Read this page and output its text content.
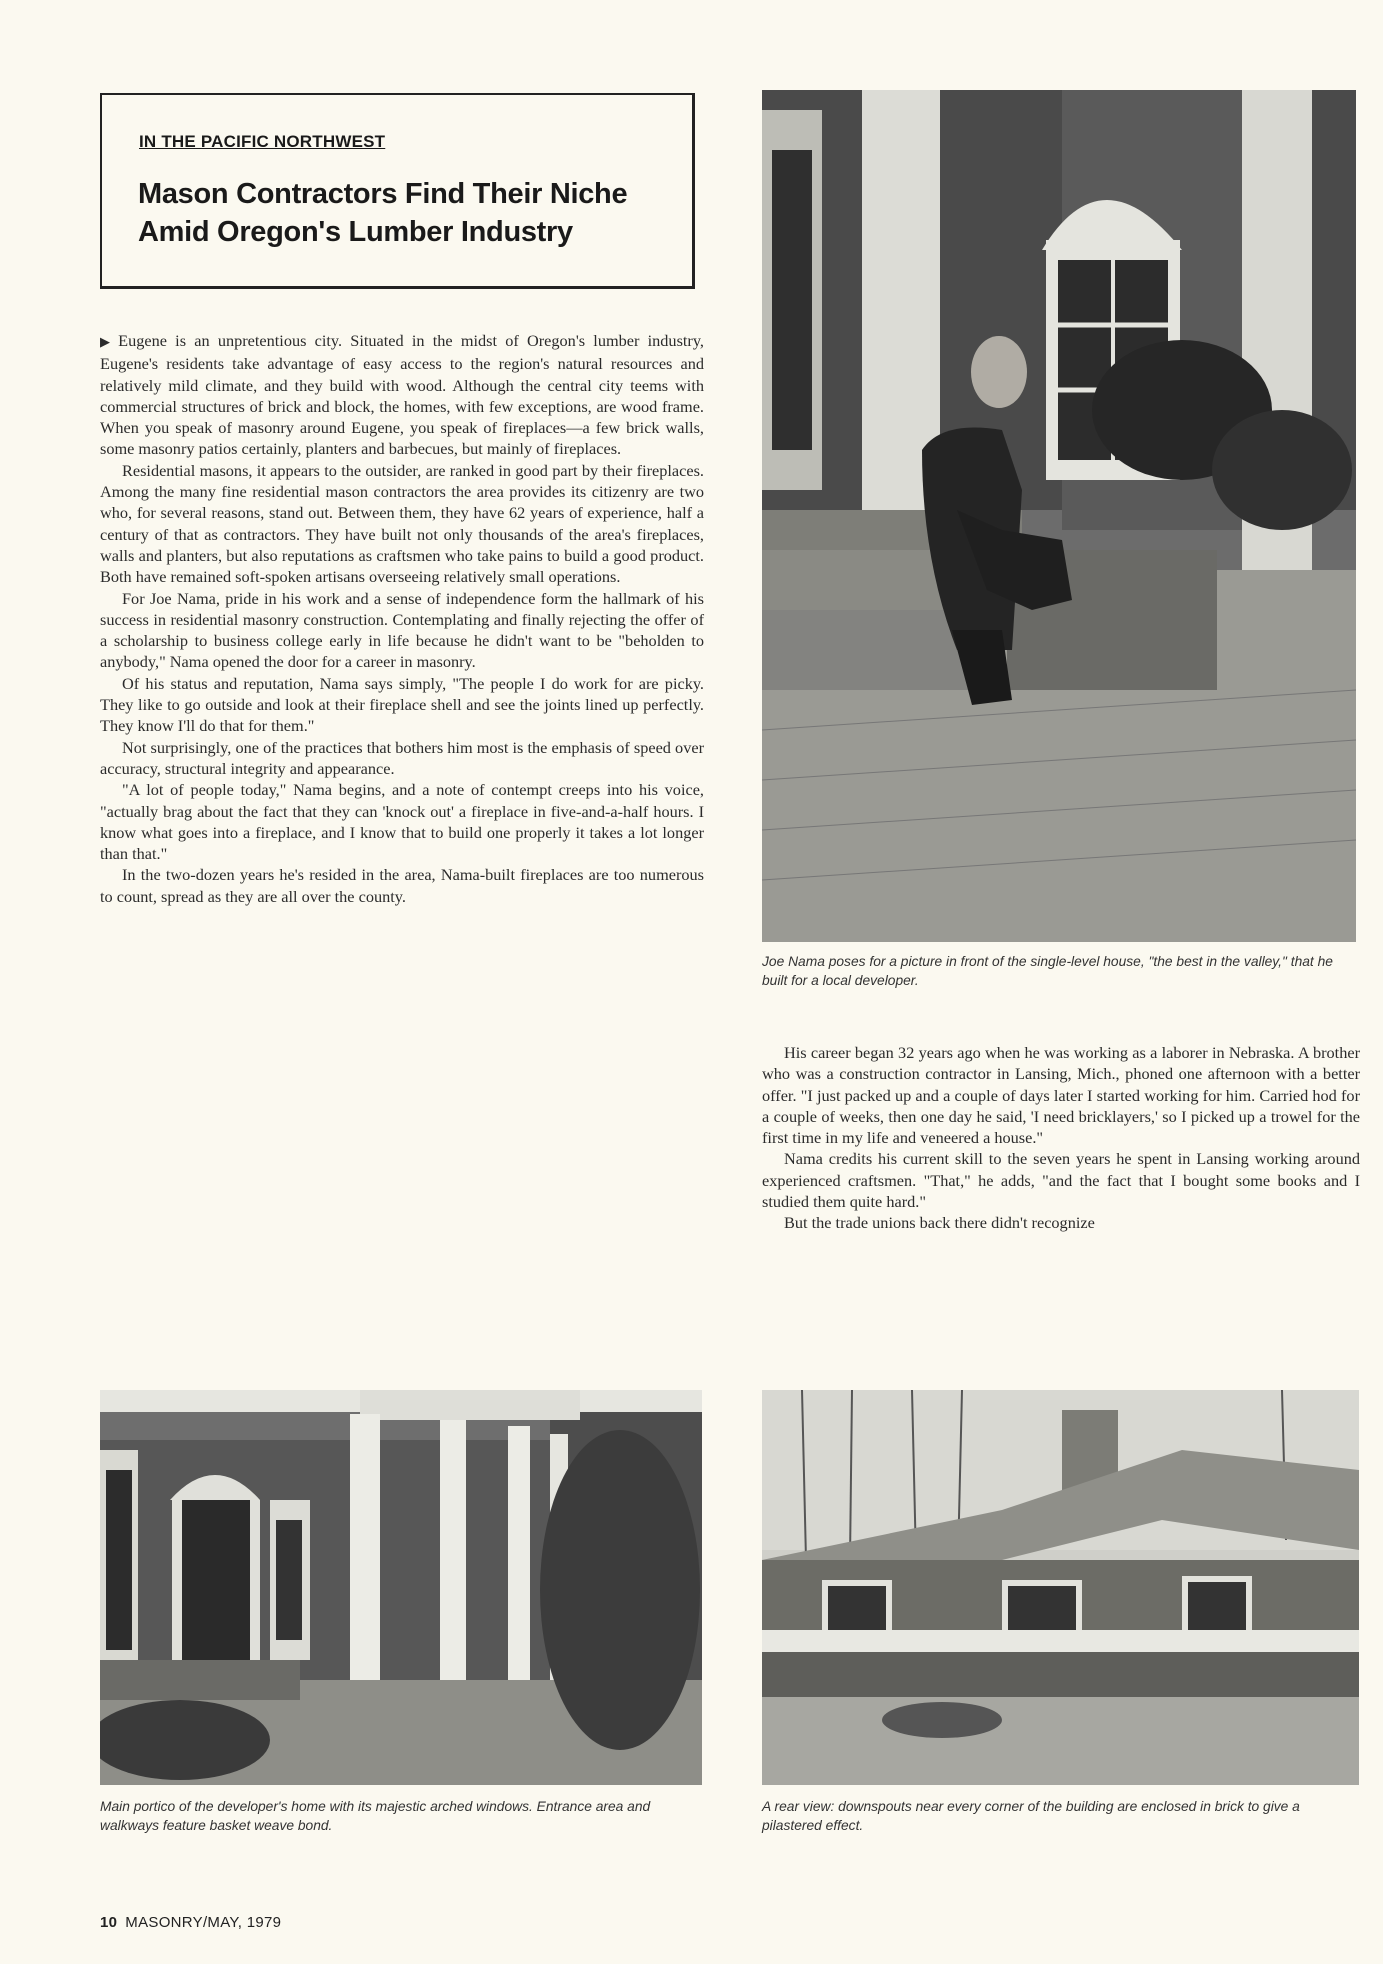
IN THE PACIFIC NORTHWEST
Mason Contractors Find Their Niche
Amid Oregon's Lumber Industry

▶ Eugene is an unpretentious city. Situated in the midst of Oregon's lumber industry, Eugene's residents take advantage of easy access to the region's natural resources and relatively mild climate, and they build with wood. Although the central city teems with commercial structures of brick and block, the homes, with few exceptions, are wood frame. When you speak of masonry around Eugene, you speak of fireplaces—a few brick walls, some masonry patios certainly, planters and barbecues, but mainly of fireplaces.

Residential masons, it appears to the outsider, are ranked in good part by their fireplaces. Among the many fine residential mason contractors the area provides its citizenry are two who, for several reasons, stand out. Between them, they have 62 years of experience, half a century of that as contractors. They have built not only thousands of the area's fireplaces, walls and planters, but also reputations as craftsmen who take pains to build a good product. Both have remained soft-spoken artisans overseeing relatively small operations.

For Joe Nama, pride in his work and a sense of independence form the hallmark of his success in residential masonry construction. Contemplating and finally rejecting the offer of a scholarship to business college early in life because he didn't want to be "beholden to anybody," Nama opened the door for a career in masonry.

Of his status and reputation, Nama says simply, "The people I do work for are picky. They like to go outside and look at their fireplace shell and see the joints lined up perfectly. They know I'll do that for them."

Not surprisingly, one of the practices that bothers him most is the emphasis of speed over accuracy, structural integrity and appearance.

"A lot of people today," Nama begins, and a note of contempt creeps into his voice, "actually brag about the fact that they can 'knock out' a fireplace in five-and-a-half hours. I know what goes into a fireplace, and I know that to build one properly it takes a lot longer than that."

In the two-dozen years he's resided in the area, Nama-built fireplaces are too numerous to count, spread as they are all over the county.

Joe Nama poses for a picture in front of the single-level house, "the best in the valley," that he built for a local developer.

His career began 32 years ago when he was working as a laborer in Nebraska. A brother who was a construction contractor in Lansing, Mich., phoned one afternoon with a better offer. "I just packed up and a couple of days later I started working for him. Carried hod for a couple of weeks, then one day he said, 'I need bricklayers,' so I picked up a trowel for the first time in my life and veneered a house."

Nama credits his current skill to the seven years he spent in Lansing working around experienced craftsmen. "That," he adds, "and the fact that I bought some books and I studied them quite hard."

But the trade unions back there didn't recognize

Main portico of the developer's home with its majestic arched windows. Entrance area and walkways feature basket weave bond.
A rear view: downspouts near every corner of the building are enclosed in brick to give a pilastered effect.
10 MASONRY/MAY, 1979
